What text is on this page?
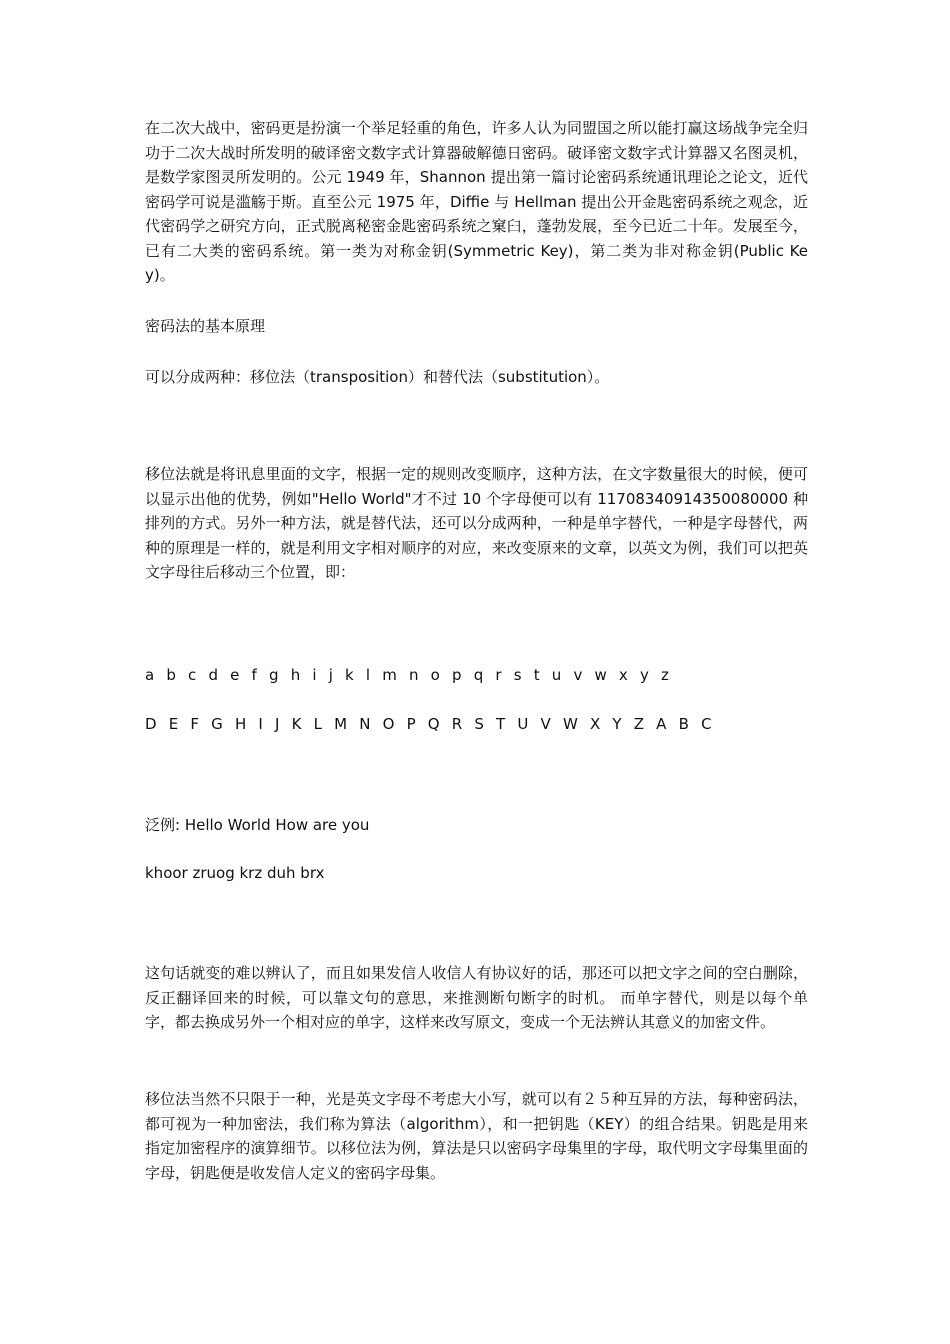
在二次大战中，密码更是扮演一个举足轻重的角色，许多人认为同盟国之所以能打赢这场战争完全归功于二次大战时所发明的破译密文数字式计算器破解德日密码。破译密文数字式计算器又名图灵机，是数学家图灵所发明的。公元 1949 年，Shannon 提出第一篇讨论密码系统通讯理论之论文，近代密码学可说是滥觞于斯。直至公元 1975 年，Diffie 与 Hellman 提出公开金匙密码系统之观念，近代密码学之研究方向，正式脱离秘密金匙密码系统之窠臼，蓬勃发展，至今已近二十年。发展至今，已有二大类的密码系统。第一类为对称金钥(Symmetric Key)，第二类为非对称金钥(Public Key)。

密码法的基本原理

可以分成两种：移位法（transposition）和替代法（substitution）。

移位法就是将讯息里面的文字，根据一定的规则改变顺序，这种方法，在文字数量很大的时候，便可以显示出他的优势，例如"Hello World"才不过 10 个字母便可以有 11708340914350080000 种排列的方式。另外一种方法，就是替代法，还可以分成两种，一种是单字替代，一种是字母替代，两种的原理是一样的，就是利用文字相对顺序的对应，来改变原来的文章，以英文为例，我们可以把英文字母往后移动三个位置，即：

a b c d e f g h i j k l m n o p q r s t u v w x y z

D E F G H I J K L M N O P Q R S T U V W X Y Z A B C

泛例: Hello World How are you

khoor zruog krz duh brx

这句话就变的难以辨认了，而且如果发信人收信人有协议好的话，那还可以把文字之间的空白删除，反正翻译回来的时候，可以靠文句的意思，来推测断句断字的时机。 而单字替代，则是以每个单字，都去换成另外一个相对应的单字，这样来改写原文，变成一个无法辨认其意义的加密文件。

移位法当然不只限于一种，光是英文字母不考虑大小写，就可以有２５种互异的方法，每种密码法，都可视为一种加密法，我们称为算法（algorithm），和一把钥匙（KEY）的组合结果。钥匙是用来指定加密程序的演算细节。以移位法为例，算法是只以密码字母集里的字母，取代明文字母集里面的字母，钥匙便是收发信人定义的密码字母集。
